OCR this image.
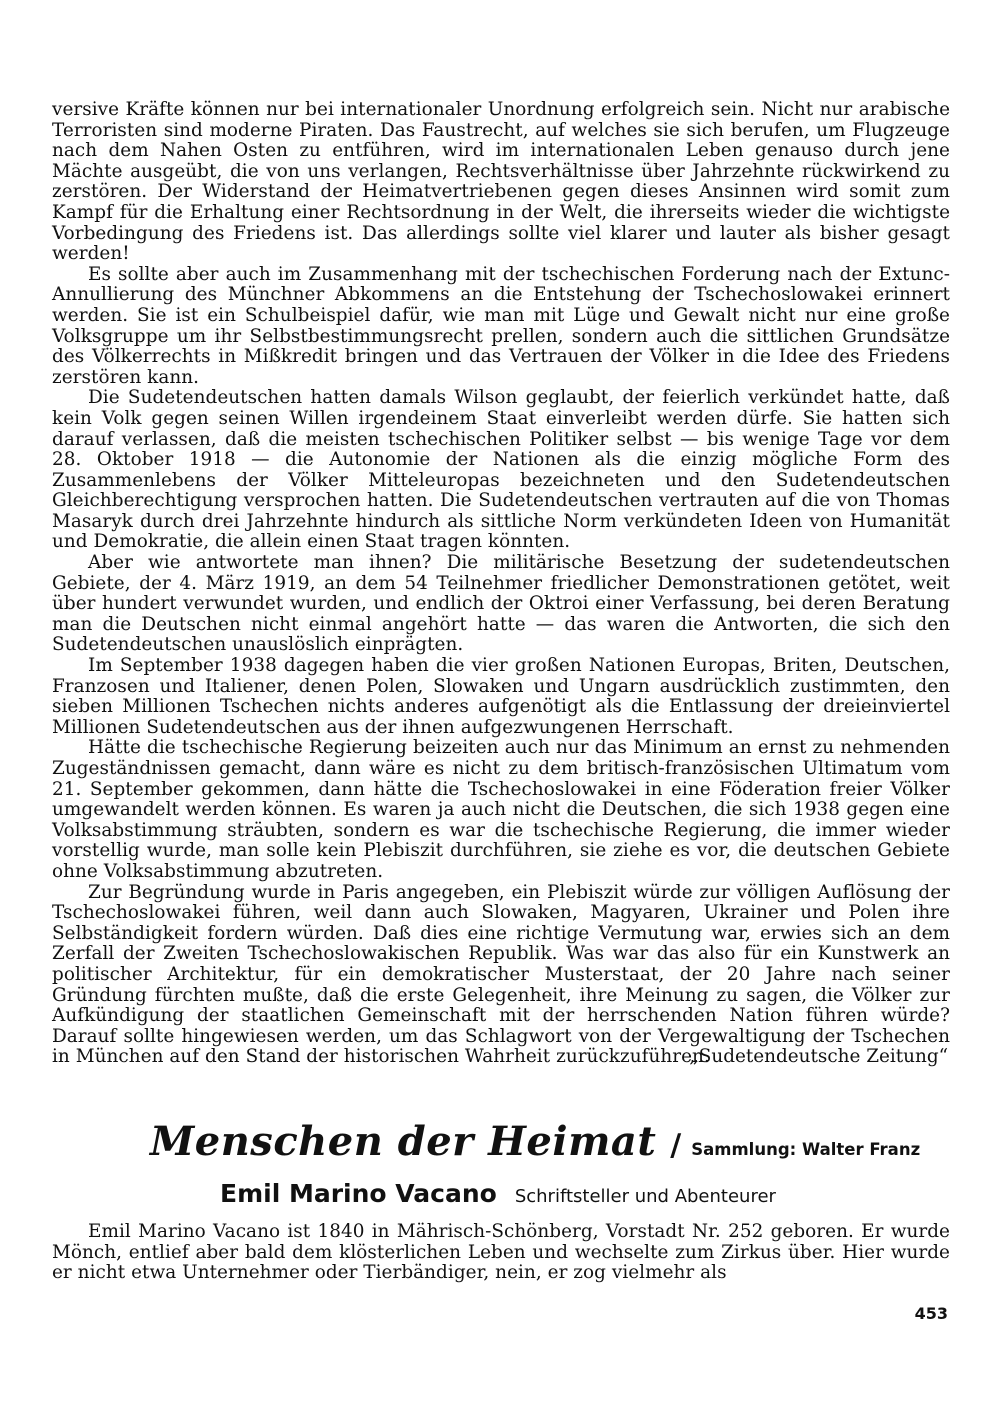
versive Kräfte können nur bei internationaler Unordnung erfolgreich sein. Nicht nur arabische Terroristen sind moderne Piraten. Das Faustrecht, auf welches sie sich berufen, um Flugzeuge nach dem Nahen Osten zu entführen, wird im internationalen Leben genauso durch jene Mächte ausgeübt, die von uns verlangen, Rechtsverhältnisse über Jahrzehnte rückwirkend zu zerstören. Der Widerstand der Heimatvertriebenen gegen dieses Ansinnen wird somit zum Kampf für die Erhaltung einer Rechtsordnung in der Welt, die ihrerseits wieder die wichtigste Vorbedingung des Friedens ist. Das allerdings sollte viel klarer und lauter als bisher gesagt werden!

Es sollte aber auch im Zusammenhang mit der tschechischen Forderung nach der Extunc-Annullierung des Münchner Abkommens an die Entstehung der Tschechoslowakei erinnert werden. Sie ist ein Schulbeispiel dafür, wie man mit Lüge und Gewalt nicht nur eine große Volksgruppe um ihr Selbstbestimmungsrecht prellen, sondern auch die sittlichen Grundsätze des Völkerrechts in Mißkredit bringen und das Vertrauen der Völker in die Idee des Friedens zerstören kann.

Die Sudetendeutschen hatten damals Wilson geglaubt, der feierlich verkündet hatte, daß kein Volk gegen seinen Willen irgendeinem Staat einverleibt werden dürfe. Sie hatten sich darauf verlassen, daß die meisten tschechischen Politiker selbst — bis wenige Tage vor dem 28. Oktober 1918 — die Autonomie der Nationen als die einzig mögliche Form des Zusammenlebens der Völker Mitteleuropas bezeichneten und den Sudetendeutschen Gleichberechtigung versprochen hatten. Die Sudetendeutschen vertrauten auf die von Thomas Masaryk durch drei Jahrzehnte hindurch als sittliche Norm verkündeten Ideen von Humanität und Demokratie, die allein einen Staat tragen könnten.

Aber wie antwortete man ihnen? Die militärische Besetzung der sudetendeutschen Gebiete, der 4. März 1919, an dem 54 Teilnehmer friedlicher Demonstrationen getötet, weit über hundert verwundet wurden, und endlich der Oktroi einer Verfassung, bei deren Beratung man die Deutschen nicht einmal angehört hatte — das waren die Antworten, die sich den Sudetendeutschen unauslöslich einprägten.

Im September 1938 dagegen haben die vier großen Nationen Europas, Briten, Deutschen, Franzosen und Italiener, denen Polen, Slowaken und Ungarn ausdrücklich zustimmten, den sieben Millionen Tschechen nichts anderes aufgenötigt als die Entlassung der dreieinviertel Millionen Sudetendeutschen aus der ihnen aufgezwungenen Herrschaft.

Hätte die tschechische Regierung beizeiten auch nur das Minimum an ernst zu nehmenden Zugeständnissen gemacht, dann wäre es nicht zu dem britisch-französischen Ultimatum vom 21. September gekommen, dann hätte die Tschechoslowakei in eine Föderation freier Völker umgewandelt werden können. Es waren ja auch nicht die Deutschen, die sich 1938 gegen eine Volksabstimmung sträubten, sondern es war die tschechische Regierung, die immer wieder vorstellig wurde, man solle kein Plebiszit durchführen, sie ziehe es vor, die deutschen Gebiete ohne Volksabstimmung abzutreten.

Zur Begründung wurde in Paris angegeben, ein Plebiszit würde zur völligen Auflösung der Tschechoslowakei führen, weil dann auch Slowaken, Magyaren, Ukrainer und Polen ihre Selbständigkeit fordern würden. Daß dies eine richtige Vermutung war, erwies sich an dem Zerfall der Zweiten Tschechoslowakischen Republik. Was war das also für ein Kunstwerk an politischer Architektur, für ein demokratischer Musterstaat, der 20 Jahre nach seiner Gründung fürchten mußte, daß die erste Gelegenheit, ihre Meinung zu sagen, die Völker zur Aufkündigung der staatlichen Gemeinschaft mit der herrschenden Nation führen würde? Darauf sollte hingewiesen werden, um das Schlagwort von der Vergewaltigung der Tschechen in München auf den Stand der historischen Wahrheit zurückzuführen.

„Sudetendeutsche Zeitung“
Menschen der Heimat / Sammlung: Walter Franz
Emil Marino Vacano Schriftsteller und Abenteurer

Emil Marino Vacano ist 1840 in Mährisch-Schönberg, Vorstadt Nr. 252 geboren. Er wurde Mönch, entlief aber bald dem klösterlichen Leben und wechselte zum Zirkus über. Hier wurde er nicht etwa Unternehmer oder Tierbändiger, nein, er zog vielmehr als

453
